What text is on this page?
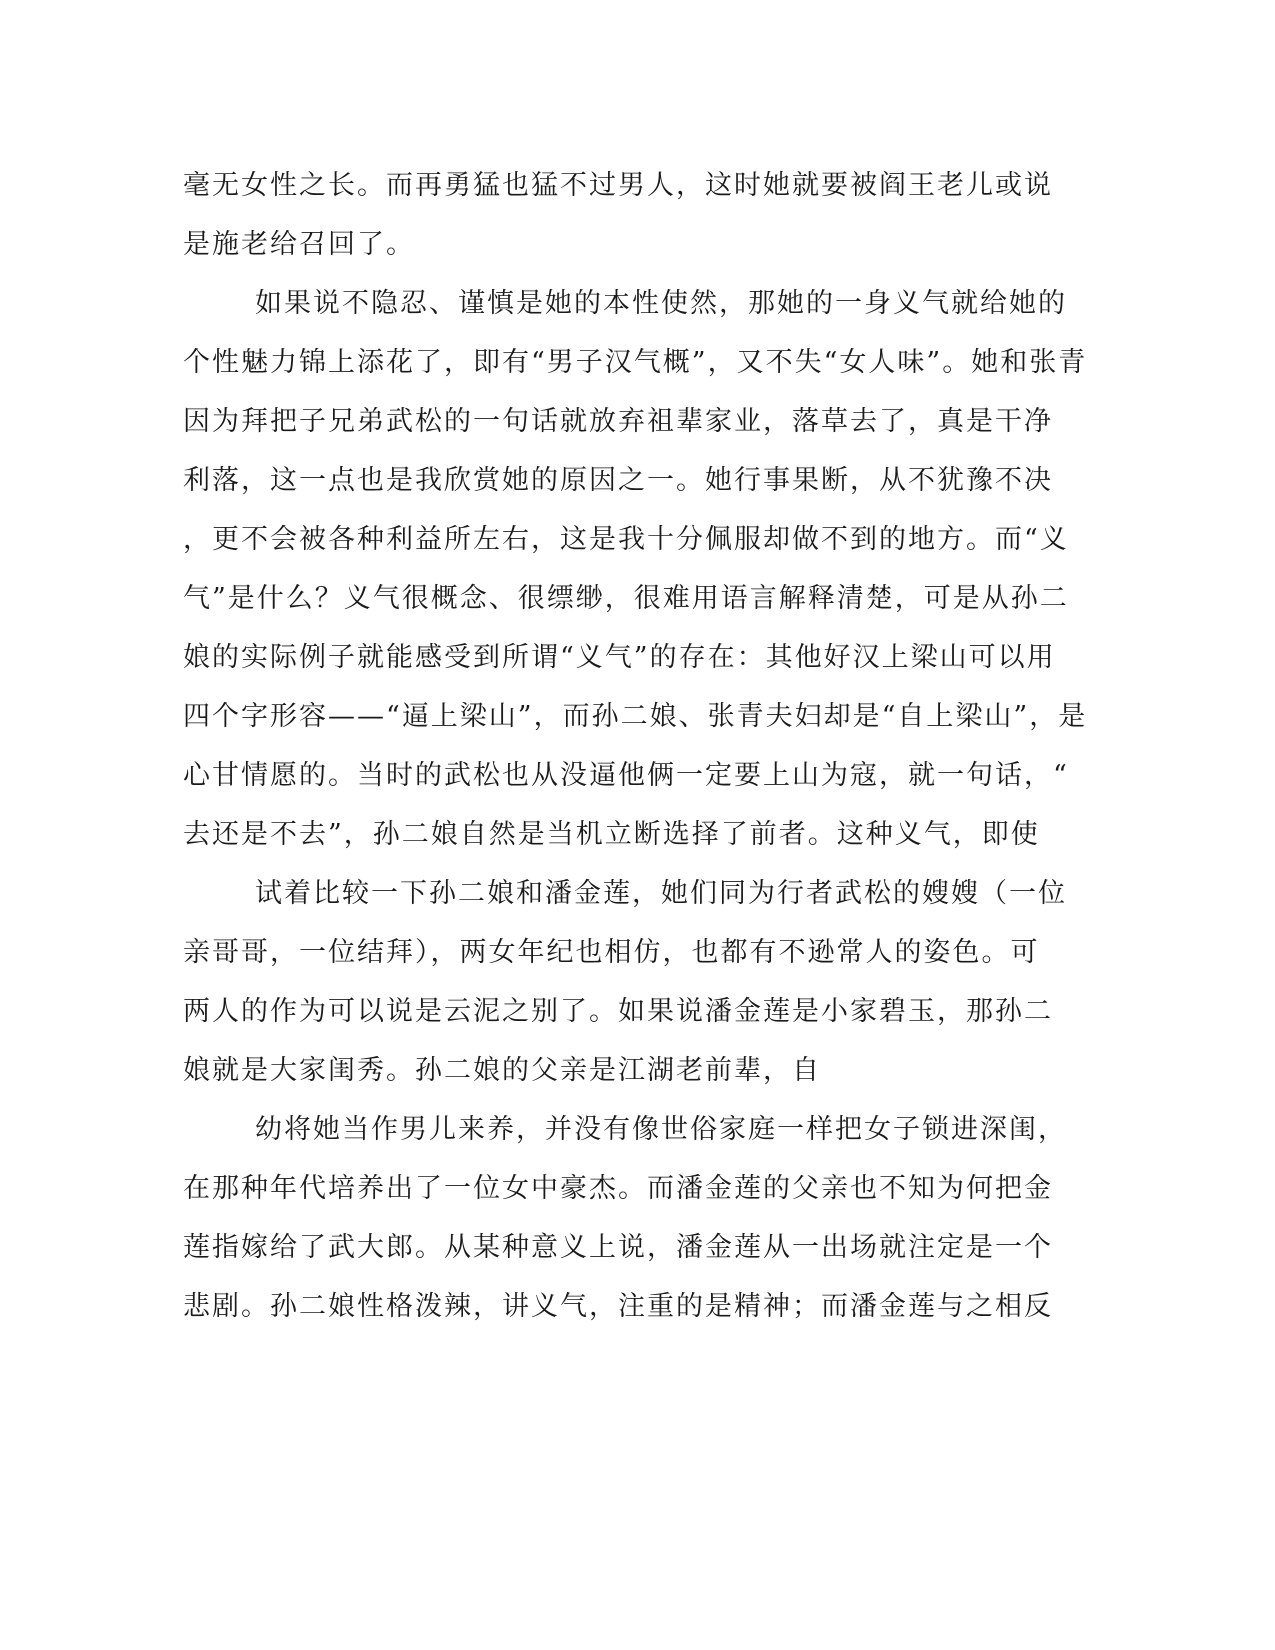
毫无女性之长。而再勇猛也猛不过男人，这时她就要被阎王老儿或说
是施老给召回了。
如果说不隐忍、谨慎是她的本性使然，那她的一身义气就给她的
个性魅力锦上添花了，即有“男子汉气概”，又不失“女人味”。她和张青
因为拜把子兄弟武松的一句话就放弃祖辈家业，落草去了，真是干净
利落，这一点也是我欣赏她的原因之一。她行事果断，从不犹豫不决
，更不会被各种利益所左右，这是我十分佩服却做不到的地方。而“义
气”是什么？义气很概念、很缥缈，很难用语言解释清楚，可是从孙二
娘的实际例子就能感受到所谓“义气”的存在：其他好汉上梁山可以用
四个字形容——“逼上梁山”，而孙二娘、张青夫妇却是“自上梁山”，是
心甘情愿的。当时的武松也从没逼他俩一定要上山为寇，就一句话，“
去还是不去”，孙二娘自然是当机立断选择了前者。这种义气，即使
试着比较一下孙二娘和潘金莲，她们同为行者武松的嫂嫂（一位
亲哥哥，一位结拜），两女年纪也相仿，也都有不逊常人的姿色。可
两人的作为可以说是云泥之别了。如果说潘金莲是小家碧玉，那孙二
娘就是大家闺秀。孙二娘的父亲是江湖老前辈，自
幼将她当作男儿来养，并没有像世俗家庭一样把女子锁进深闺，
在那种年代培养出了一位女中豪杰。而潘金莲的父亲也不知为何把金
莲指嫁给了武大郎。从某种意义上说，潘金莲从一出场就注定是一个
悲剧。孙二娘性格泼辣，讲义气，注重的是精神；而潘金莲与之相反
